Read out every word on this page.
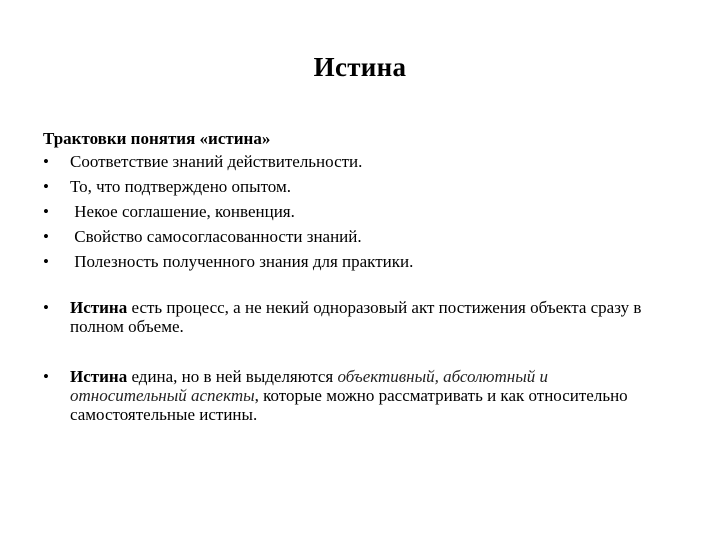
Истина
Трактовки понятия «истина»
• Соответствие знаний действительности.
• То, что подтверждено опытом.
• Некое соглашение, конвенция.
• Свойство самосогласованности знаний.
• Полезность полученного знания для практики.
•	Истина есть процесс, а не некий одноразовый акт постижения объекта сразу в полном объеме.
•	Истина едина, но в ней выделяются объективный, абсолютный и относительный аспекты, которые можно рассматривать и как относительно самостоятельные истины.
